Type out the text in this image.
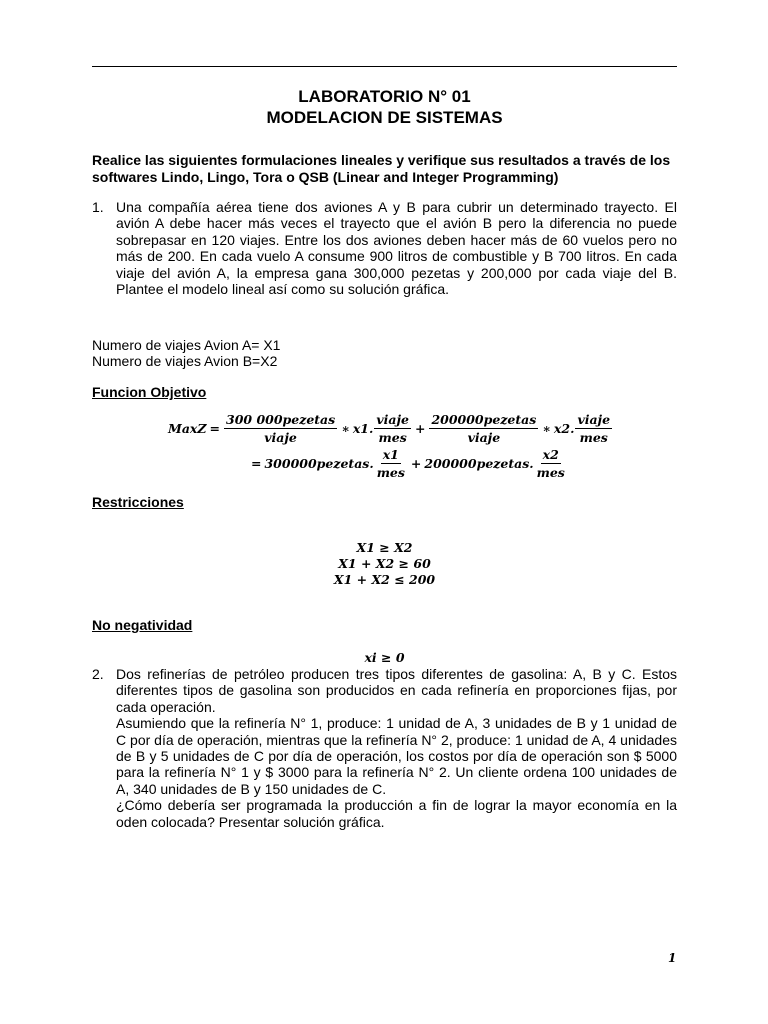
LABORATORIO N° 01
MODELACION DE SISTEMAS
Realice las siguientes formulaciones lineales y verifique sus resultados a través de los softwares Lindo, Lingo, Tora o QSB (Linear and Integer Programming)
1. Una compañía aérea tiene dos aviones A y B para cubrir un determinado trayecto. El avión A debe hacer más veces el trayecto que el avión B pero la diferencia no puede sobrepasar en 120 viajes. Entre los dos aviones deben hacer más de 60 vuelos pero no más de 200. En cada vuelo A consume 900 litros de combustible y B 700 litros. En cada viaje del avión A, la empresa gana 300,000 pezetas y 200,000 por cada viaje del B. Plantee el modelo lineal así como su solución gráfica.
Numero de viajes Avion A= X1
Numero de viajes Avion B=X2
Funcion Objetivo
MaxZ = $\frac{\text{300 000pezetas}}{\text{viaje}}$ ∗ x1. $\frac{\text{viaje}}{\text{mes}} + \frac{\text{200000pezetas}}{\text{viaje}}$ ∗ x2. $\frac{\text{viaje}}{\text{mes}}$
= 300000pezetas. $\frac{x1}{\text{mes}}$ + 200000pezetas. $\frac{x2}{\text{mes}}$
Restricciones
X1 ≥ X2
X1 + X2 ≥ 60
X1 + X2 ≤ 200
No negatividad
xi ≥ 0
2. Dos refinerías de petróleo producen tres tipos diferentes de gasolina: A, B y C. Estos diferentes tipos de gasolina son producidos en cada refinería en proporciones fijas, por cada operación.
Asumiendo que la refinería N° 1, produce: 1 unidad de A, 3 unidades de B y 1 unidad de C por día de operación, mientras que la refinería N° 2, produce: 1 unidad de A, 4 unidades de B y 5 unidades de C por día de operación, los costos por día de operación son $ 5000 para la refinería N° 1 y $ 3000 para la refinería N° 2. Un cliente ordena 100 unidades de A, 340 unidades de B y 150 unidades de C.
¿Cómo debería ser programada la producción a fin de lograr la mayor economía en la oden colocada? Presentar solución gráfica.
1
